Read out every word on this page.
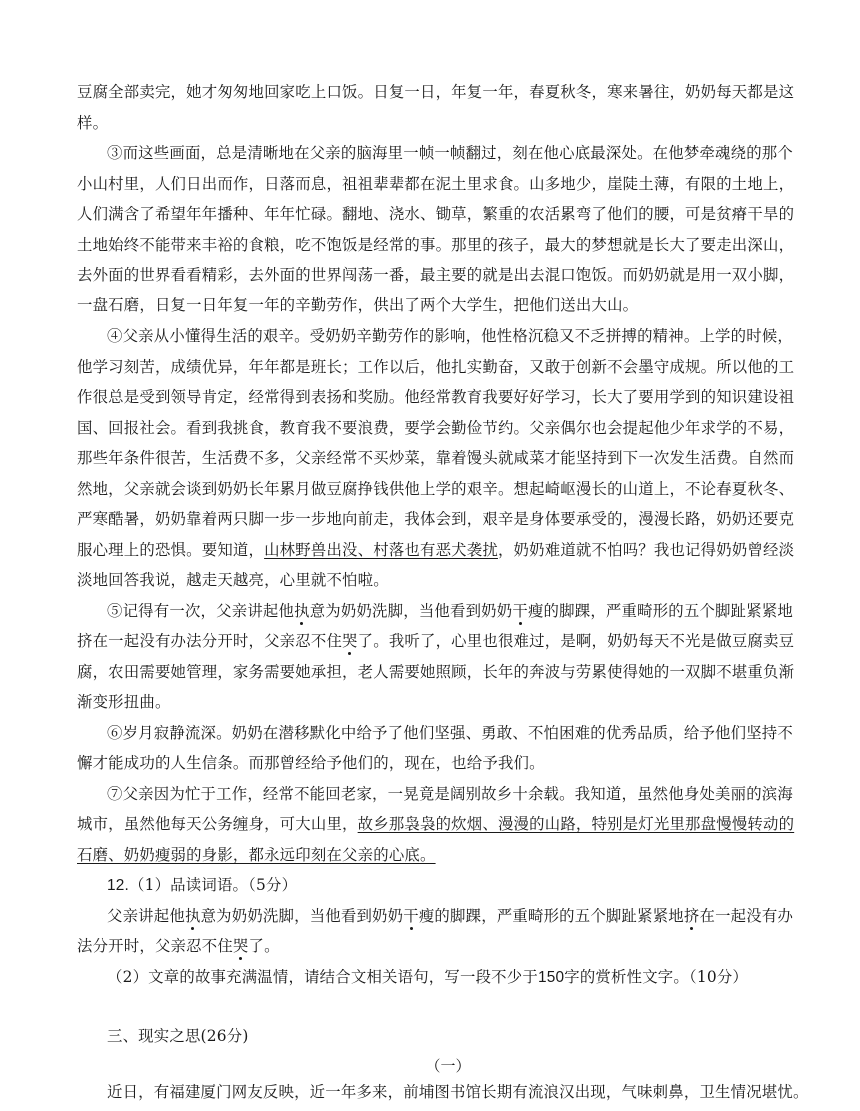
豆腐全部卖完，她才匆匆地回家吃上口饭。日复一日，年复一年，春夏秋冬，寒来暑往，奶奶每天都是这
样。
③而这些画面，总是清晰地在父亲的脑海里一帧一帧翻过，刻在他心底最深处。在他梦牵魂绕的那个
小山村里，人们日出而作，日落而息，祖祖辈辈都在泥土里求食。山多地少，崖陡土薄，有限的土地上，
人们满含了希望年年播种、年年忙碌。翻地、浇水、锄草，繁重的农活累弯了他们的腰，可是贫瘠干旱的
土地始终不能带来丰裕的食粮，吃不饱饭是经常的事。那里的孩子，最大的梦想就是长大了要走出深山，
去外面的世界看看精彩，去外面的世界闯荡一番，最主要的就是出去混口饱饭。而奶奶就是用一双小脚，
一盘石磨，日复一日年复一年的辛勤劳作，供出了两个大学生，把他们送出大山。
④父亲从小懂得生活的艰辛。受奶奶辛勤劳作的影响，他性格沉稳又不乏拼搏的精神。上学的时候，
他学习刻苦，成绩优异，年年都是班长；工作以后，他扎实勤奋，又敢于创新不会墨守成规。所以他的工
作很总是受到领导肯定，经常得到表扬和奖励。他经常教育我要好好学习，长大了要用学到的知识建设祖
国、回报社会。看到我挑食，教育我不要浪费，要学会勤俭节约。父亲偶尔也会提起他少年求学的不易，
那些年条件很苦，生活费不多，父亲经常不买炒菜，靠着馒头就咸菜才能坚持到下一次发生活费。自然而
然地，父亲就会谈到奶奶长年累月做豆腐挣钱供他上学的艰辛。想起崎岖漫长的山道上，不论春夏秋冬、
严寒酷暑，奶奶靠着两只脚一步一步地向前走，我体会到，艰辛是身体要承受的，漫漫长路，奶奶还要克
服心理上的恐惧。要知道，山林野兽出没、村落也有恶犬袭扰，奶奶难道就不怕吗？我也记得奶奶曾经淡
淡地回答我说，越走天越亮，心里就不怕啦。
⑤记得有一次，父亲讲起他执意为奶奶洗脚，当他看到奶奶干瘦的脚踝，严重畸形的五个脚趾紧紧地
挤在一起没有办法分开时，父亲忍不住哭了。我听了，心里也很难过，是啊，奶奶每天不光是做豆腐卖豆
腐，农田需要她管理，家务需要她承担，老人需要她照顾，长年的奔波与劳累使得她的一双脚不堪重负渐
渐变形扭曲。
⑥岁月寂静流深。奶奶在潜移默化中给予了他们坚强、勇敢、不怕困难的优秀品质，给予他们坚持不
懈才能成功的人生信条。而那曾经给予他们的，现在，也给予我们。
⑦父亲因为忙于工作，经常不能回老家，一晃竟是阔别故乡十余载。我知道，虽然他身处美丽的滨海
城市，虽然他每天公务缠身，可大山里，故乡那袅袅的炊烟、漫漫的山路，特别是灯光里那盘慢慢转动的
石磨、奶奶瘦弱的身影，都永远印刻在父亲的心底。
12.（1）品读词语。（5分）
父亲讲起他执意为奶奶洗脚，当他看到奶奶干瘦的脚踝，严重畸形的五个脚趾紧紧地挤在一起没有办
法分开时，父亲忍不住哭了。
（2）文章的故事充满温情，请结合文相关语句，写一段不少于150字的赏析性文字。（10分）
三、现实之思(26分)
（一）
近日，有福建厦门网友反映，近一年多来，前埔图书馆长期有流浪汉出现，气味刺鼻，卫生情况堪忧。
